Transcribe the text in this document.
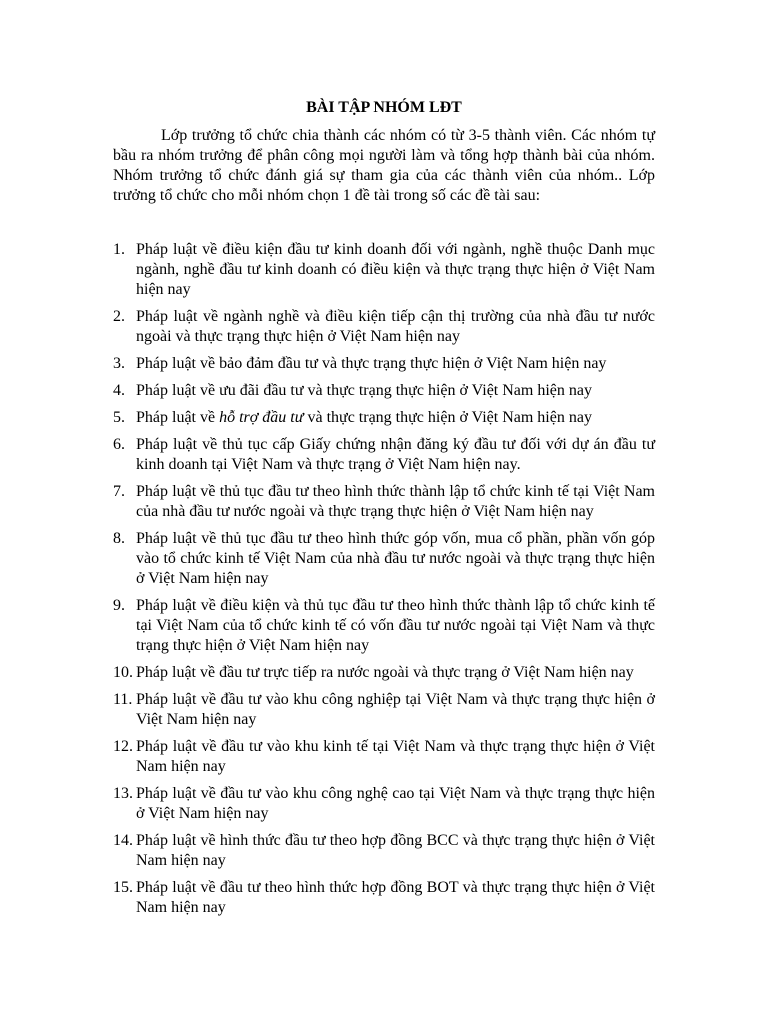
BÀI TẬP NHÓM LĐT

Lớp trưởng tổ chức chia thành các nhóm có từ 3-5 thành viên. Các nhóm tự bầu ra nhóm trưởng để phân công mọi người làm và tổng hợp thành bài của nhóm. Nhóm trưởng tổ chức đánh giá sự tham gia của các thành viên của nhóm.. Lớp trưởng tổ chức cho mỗi nhóm chọn 1 đề tài trong số các đề tài sau:

1. Pháp luật về điều kiện đầu tư kinh doanh đối với ngành, nghề thuộc Danh mục ngành, nghề đầu tư kinh doanh có điều kiện và thực trạng thực hiện ở Việt Nam hiện nay
2. Pháp luật về ngành nghề và điều kiện tiếp cận thị trường của nhà đầu tư nước ngoài và thực trạng thực hiện ở Việt Nam hiện nay
3. Pháp luật về bảo đảm đầu tư và thực trạng thực hiện ở Việt Nam hiện nay
4. Pháp luật về ưu đãi đầu tư và thực trạng thực hiện ở Việt Nam hiện nay
5. Pháp luật về hỗ trợ đầu tư và thực trạng thực hiện ở Việt Nam hiện nay
6. Pháp luật về thủ tục cấp Giấy chứng nhận đăng ký đầu tư đối với dự án đầu tư kinh doanh tại Việt Nam và thực trạng ở Việt Nam hiện nay.
7. Pháp luật về thủ tục đầu tư theo hình thức thành lập tổ chức kinh tế tại Việt Nam của nhà đầu tư nước ngoài và thực trạng thực hiện ở Việt Nam hiện nay
8. Pháp luật về thủ tục đầu tư theo hình thức góp vốn, mua cổ phần, phần vốn góp vào tổ chức kinh tế Việt Nam của nhà đầu tư nước ngoài và thực trạng thực hiện ở Việt Nam hiện nay
9. Pháp luật về điều kiện và thủ tục đầu tư theo hình thức thành lập tổ chức kinh tế tại Việt Nam của tổ chức kinh tế có vốn đầu tư nước ngoài tại Việt Nam và thực trạng thực hiện ở Việt Nam hiện nay
10. Pháp luật về đầu tư trực tiếp ra nước ngoài và thực trạng ở Việt Nam hiện nay
11. Pháp luật về đầu tư vào khu công nghiệp tại Việt Nam và thực trạng thực hiện ở Việt Nam hiện nay
12. Pháp luật về đầu tư vào khu kinh tế tại Việt Nam và thực trạng thực hiện ở Việt Nam hiện nay
13. Pháp luật về đầu tư vào khu công nghệ cao tại Việt Nam và thực trạng thực hiện ở Việt Nam hiện nay
14. Pháp luật về hình thức đầu tư theo hợp đồng BCC và thực trạng thực hiện ở Việt Nam hiện nay
15. Pháp luật về đầu tư theo hình thức hợp đồng BOT và thực trạng thực hiện ở Việt Nam hiện nay
